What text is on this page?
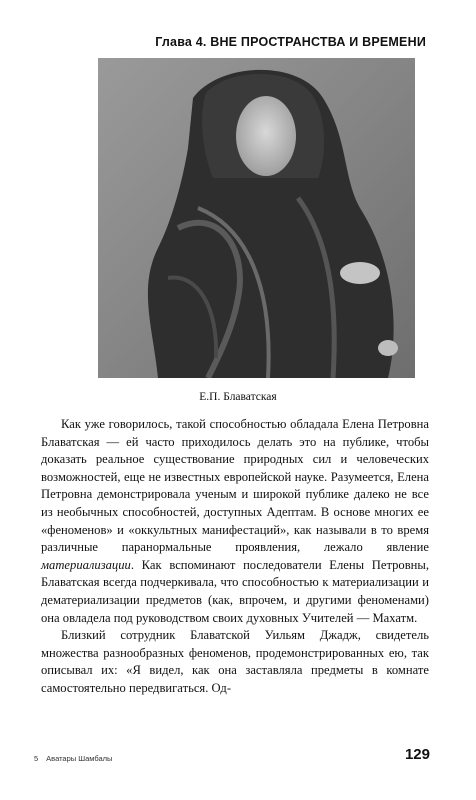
Глава 4. ВНЕ ПРОСТРАНСТВА И ВРЕМЕНИ
Е.П. Блаватская

Как уже говорилось, такой способностью обладала Елена Петровна Блаватская — ей часто приходилось делать это на публике, чтобы доказать реальное существование природных сил и человеческих возможностей, еще не известных европейской науке. Разумеется, Елена Петровна демонстрировала ученым и широкой публике далеко не все из необычных способностей, доступных Адептам. В основе многих ее «феноменов» и «оккультных манифестаций», как называли в то время различные паранормальные проявления, лежало явление материализации. Как вспоминают последователи Елены Петровны, Блаватская всегда подчеркивала, что способностью к материализации и дематериализации предметов (как, впрочем, и другими феноменами) она овладела под руководством своих духовных Учителей — Махатм.

Близкий сотрудник Блаватской Уильям Джадж, свидетель множества разнообразных феноменов, продемонстрированных ею, так описывал их: «Я видел, как она заставляла предметы в комнате самостоятельно передвигаться. Од-

5 Аватары Шамбалы	129
